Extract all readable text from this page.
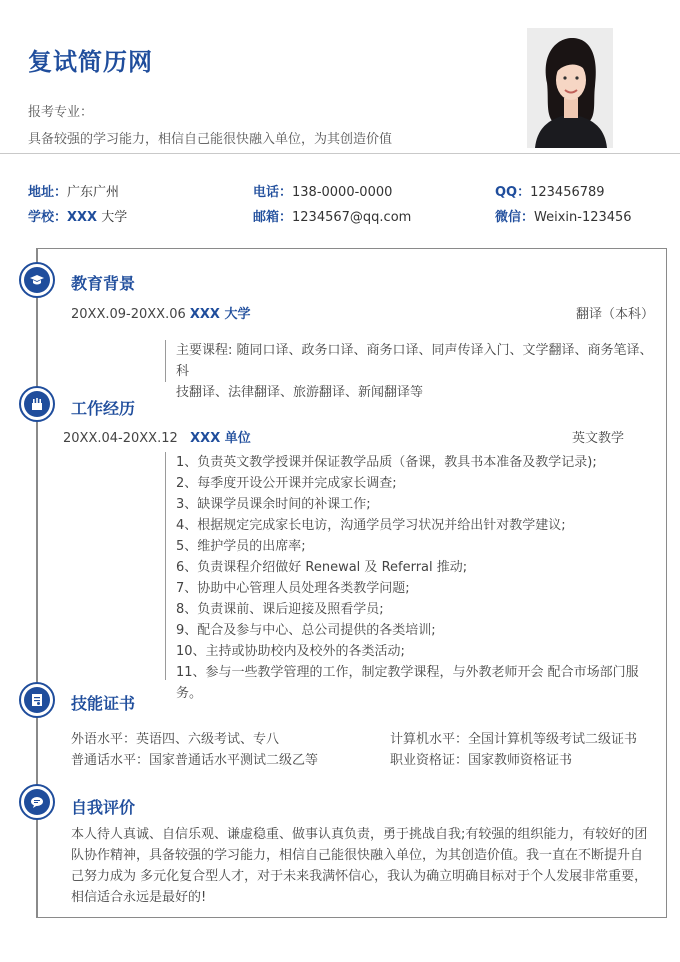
复试简历网
报考专业：
具备较强的学习能力，相信自己能很快融入单位，为其创造价值
地址：广东广州	电话：138-0000-0000	QQ：123456789
学校：XXX 大学	邮箱：1234567@qq.com	微信：Weixin-123456
教育背景
20XX.09-20XX.06 XXX 大学	翻译（本科）
主要课程: 随同口译、政务口译、商务口译、同声传译入门、文学翻译、商务笔译、科
技翻译、法律翻译、旅游翻译、新闻翻译等
工作经历
20XX.04-20XX.12 XXX 单位	英文教学
1、负责英文教学授课并保证教学品质（备课，教具书本准备及教学记录);
2、每季度开设公开课并完成家长调查;
3、缺课学员课余时间的补课工作;
4、根据规定完成家长电访，沟通学员学习状况并给出针对教学建议;
5、维护学员的出席率;
6、负责课程介绍做好 Renewal 及 Referral 推动;
7、协助中心管理人员处理各类教学问题;
8、负责课前、课后迎接及照看学员;
9、配合及参与中心、总公司提供的各类培训;
10、主持或协助校内及校外的各类活动;
11、参与一些教学管理的工作，制定教学课程，与外教老师开会 配合市场部门服务。
技能证书
外语水平：英语四、六级考试、专八	计算机水平：全国计算机等级考试二级证书
普通话水平：国家普通话水平测试二级乙等	职业资格证：国家教师资格证书
自我评价
本人待人真诚、自信乐观、谦虚稳重、做事认真负责，勇于挑战自我;有较强的组织能力，有较好的团
队协作精神，具备较强的学习能力，相信自己能很快融入单位，为其创造价值。我一直在不断提升自
己努力成为 多元化复合型人才，对于未来我满怀信心，我认为确立明确目标对于个人发展非常重要，
相信适合永远是最好的!
